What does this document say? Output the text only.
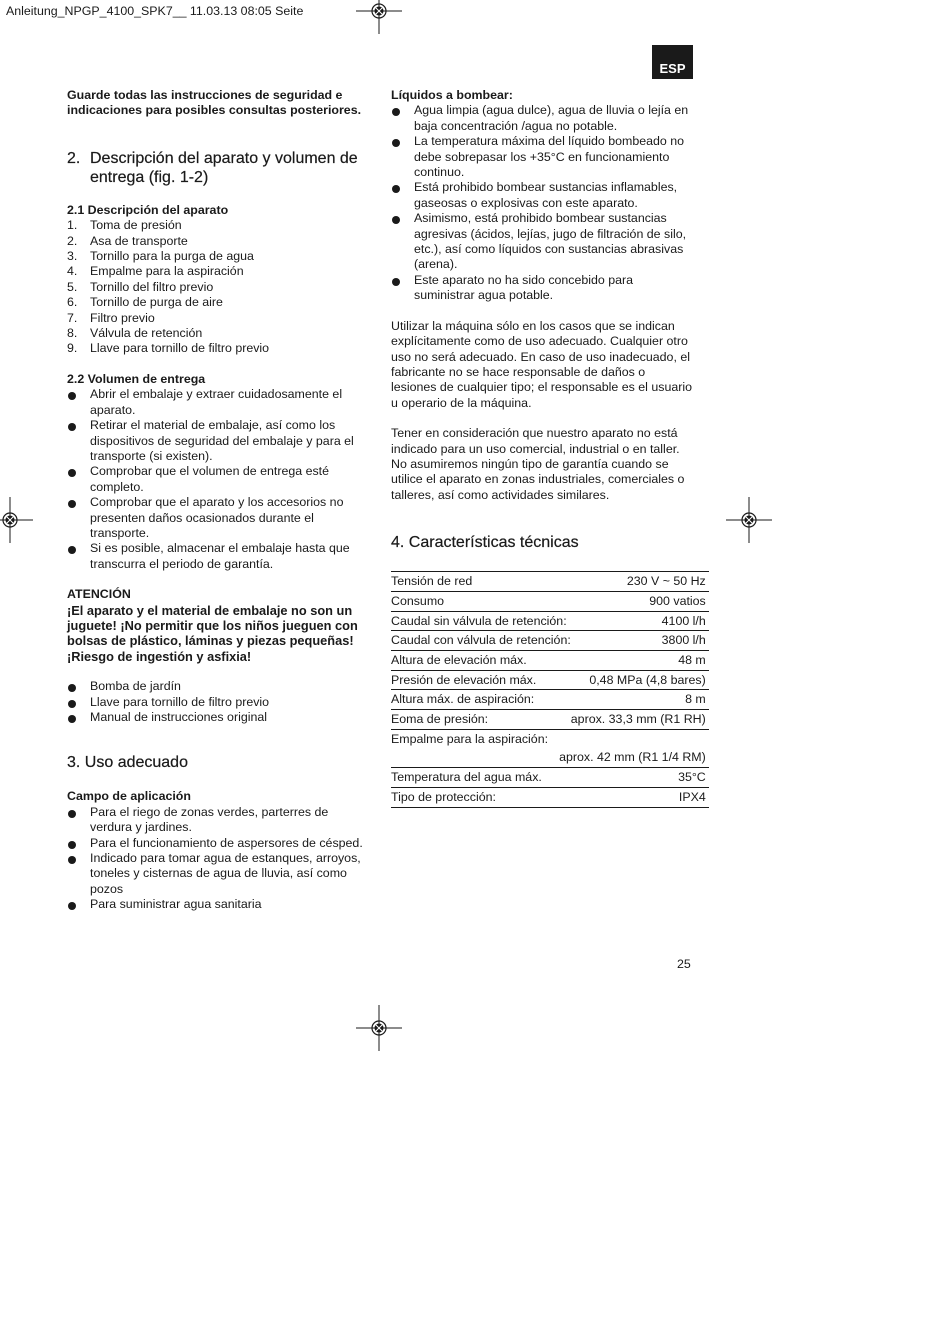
Anleitung_NPGP_4100_SPK7__ 11.03.13 08:05 Seite
ESP

Guarde todas las instrucciones de seguridad e indicaciones para posibles consultas posteriores.

2. Descripción del aparato y volumen de entrega (fig. 1-2)
2.1 Descripción del aparato
1.	Toma de presión
2.	Asa de transporte
3.	Tornillo para la purga de agua
4.	Empalme para la aspiración
5.	Tornillo del filtro previo
6.	Tornillo de purga de aire
7.	Filtro previo
8.	Válvula de retención
9.	Llave para tornillo de filtro previo
2.2 Volumen de entrega
Abrir el embalaje y extraer cuidadosamente el aparato.
Retirar el material de embalaje, así como los dispositivos de seguridad del embalaje y para el transporte (si existen).
Comprobar que el volumen de entrega esté completo.
Comprobar que el aparato y los accesorios no presenten daños ocasionados durante el transporte.
Si es posible, almacenar el embalaje hasta que transcurra el periodo de garantía.

ATENCIÓN

¡El aparato y el material de embalaje no son un juguete! ¡No permitir que los niños jueguen con bolsas de plástico, láminas y piezas pequeñas! ¡Riesgo de ingestión y asfixia!

Bomba de jardín
Llave para tornillo de filtro previo
Manual de instrucciones original
3. Uso adecuado
Campo de aplicación
Para el riego de zonas verdes, parterres de verdura y jardines.
Para el funcionamiento de aspersores de césped.
Indicado para tomar agua de estanques, arroyos, toneles y cisternas de agua de lluvia, así como pozos
Para suministrar agua sanitaria
Líquidos a bombear:
Agua limpia (agua dulce), agua de lluvia o lejía en baja concentración /agua no potable.
La temperatura máxima del líquido bombeado no debe sobrepasar los +35°C en funcionamiento continuo.
Está prohibido bombear sustancias inflamables, gaseosas o explosivas con este aparato.
Asimismo, está prohibido bombear sustancias agresivas (ácidos, lejías, jugo de filtración de silo, etc.), así como líquidos con sustancias abrasivas (arena).
Este aparato no ha sido concebido para suministrar agua potable.

Utilizar la máquina sólo en los casos que se indican explícitamente como de uso adecuado. Cualquier otro uso no será adecuado. En caso de uso inadecuado, el fabricante no se hace responsable de daños o lesiones de cualquier tipo; el responsable es el usuario u operario de la máquina.

Tener en consideración que nuestro aparato no está indicado para un uso comercial, industrial o en taller. No asumiremos ningún tipo de garantía cuando se utilice el aparato en zonas industriales, comerciales o talleres, así como actividades similares.

4. Características técnicas
Tensión de red	230 V ~ 50 Hz
Consumo	900 vatios
Caudal sin válvula de retención:	4100 l/h
Caudal con válvula de retención:	3800 l/h
Altura de elevación máx.	48 m
Presión de elevación máx.	0,48 MPa (4,8 bares)
Altura máx. de aspiración:	8 m
Eoma de presión:	aprox. 33,3 mm (R1 RH)
Empalme para la aspiración:	
aprox. 42 mm (R1 1/4 RM)	
Temperatura del agua máx.	35°C
Tipo de protección:	IPX4
25
